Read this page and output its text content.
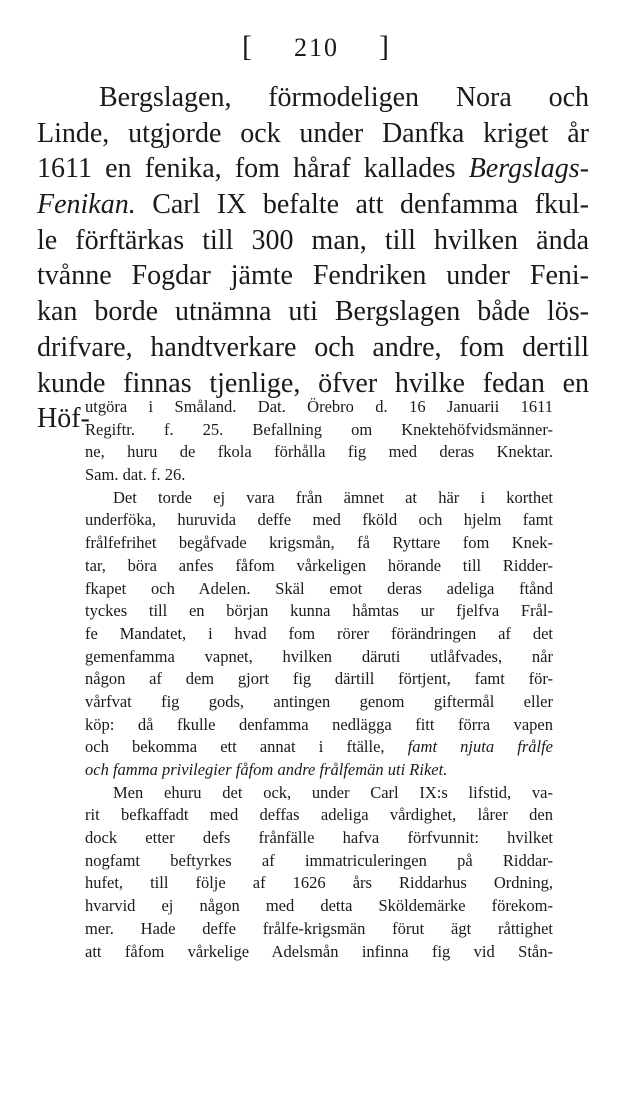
[ 210 ]
Bergslagen, förmodeligen Nora och
Linde, utgjorde ock under Danfka kriget år
1611 en fenika, fom håraf kallades Bergslags-
Fenikan. Carl IX befalte att denfamma fkul-
le förftärkas till 300 man, till hvilken ända
tvånne Fogdar jämte Fendriken under Feni-
kan borde utnämna uti Bergslagen både lös-
drifvare, handtverkare och andre, fom dertill
kunde finnas tjenlige, öfver hvilke fedan en
Höf-
utgöra i Småland. Dat. Örebro d. 16 Januarii 1611
Regiftr. f. 25. Befallning om Knektehöfvidsmänner-
ne, huru de fkola förhålla fig med deras Knektar.
Sam. dat. f. 26.
Det torde ej vara från ämnet at här i korthet
underföka, huruvida deffe med fköld och hjelm famt
frålfefrihet begåfvade krigsmån, få Ryttare fom Knek-
tar, böra anfes fåfom vårkeligen hörande till Ridder-
fkapet och Adelen. Skäl emot deras adeliga ftånd
tyckes till en början kunna håmtas ur fjelfva Frål-
fe Mandatet, i hvad fom rörer förändringen af det
gemenfamma vapnet, hvilken däruti utlåfvades, når
någon af dem gjort fig därtill förtjent, famt för-
vårfvat fig gods, antingen genom giftermål eller
köp: då fkulle denfamma nedlägga fitt förra vapen
och bekomma ett annat i ftälle, famt njuta frålfe
och famma privilegier fåfom andre frålfemän uti Riket.
Men ehuru det ock, under Carl IX:s lifstid, va-
rit befkaffadt med deffas adeliga vårdighet, lårer den
dock etter defs frånfälle hafva förfvunnit: hvilket
nogfamt beftyrkes af immatriculeringen på Riddar-
hufet, till följe af 1626 års Riddarhus Ordning,
hvarvid ej någon med detta Sköldemärke förekom-
mer. Hade deffe frålfe-krigsmän förut ägt råttighet
att fåfom vårkelige Adelsmån infinna fig vid Stån-
